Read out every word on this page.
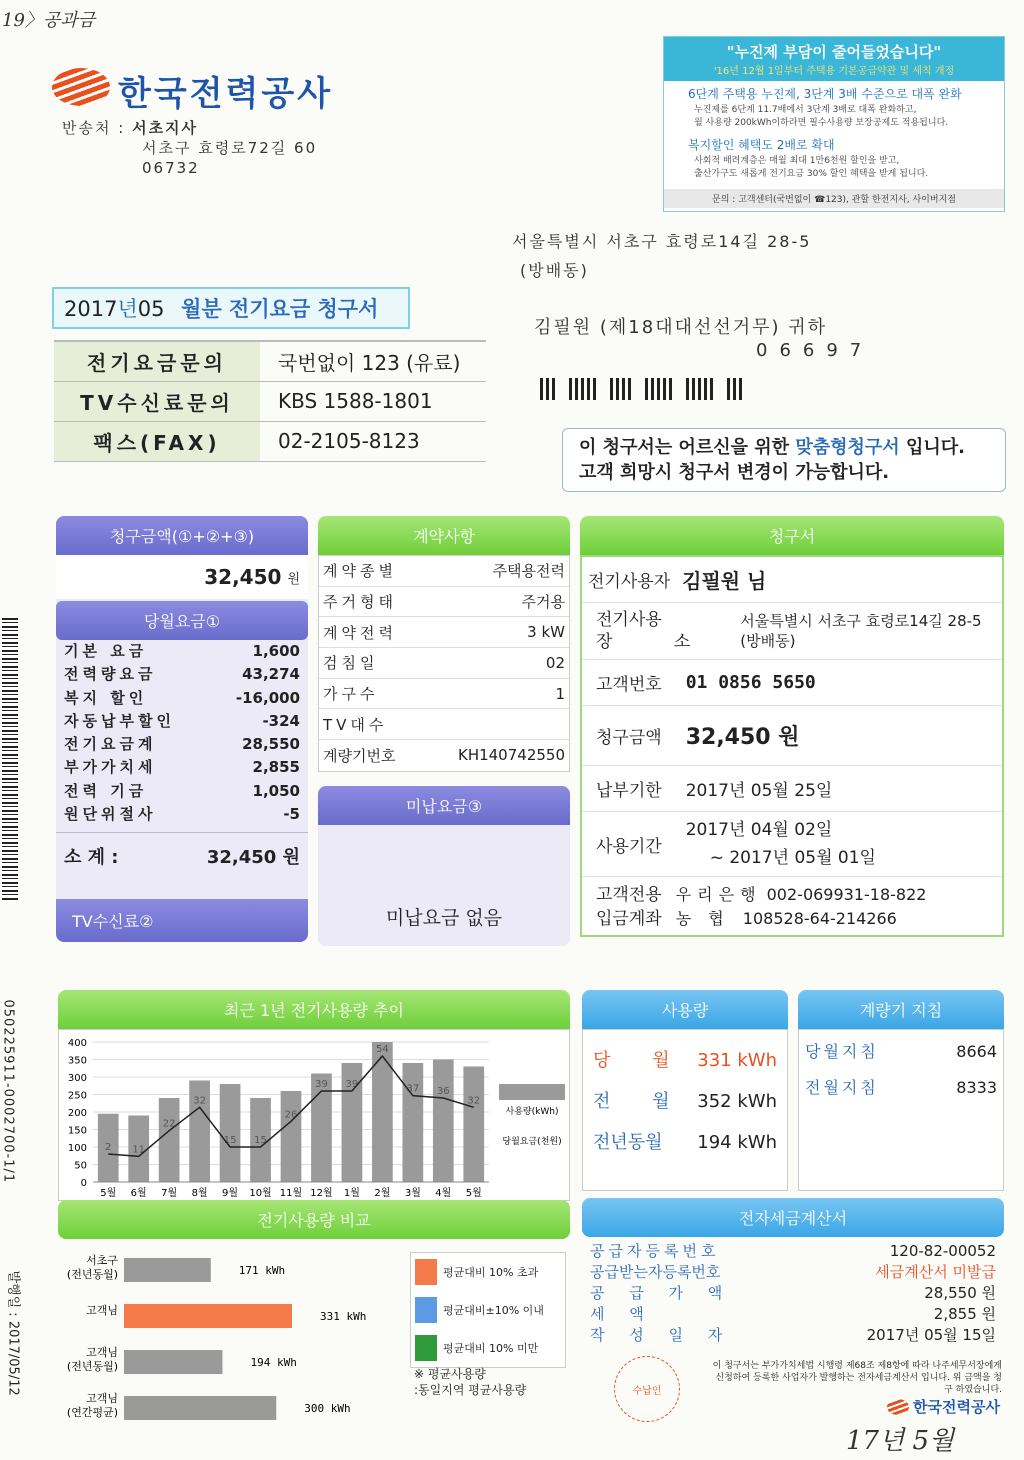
19〉공과금
한국전력공사
반송처 : 서초지사
서초구 효령로72길 60
06732
"누진제 부담이 줄어들었습니다"
'16년 12월 1일부터 주택용 기본공급약관 및 세칙 개정
6단계 주택용 누진제, 3단계 3배 수준으로 대폭 완화
누진제를 6단계 11.7배에서 3단계 3배로 대폭 완화하고,
월 사용량 200kWh이하라면 필수사용량 보장공제도 적용됩니다.
복지할인 혜택도 2배로 확대
사회적 배려계층은 매월 최대 1만6천원 할인을 받고,
출산가구도 새롭게 전기요금 30% 할인 혜택을 받게 됩니다.
문의 : 고객센터(국번없이 ☎123), 관할 한전지사, 사이버지점
서울특별시 서초구 효령로14길 28-5
(방배동)
김필원 (제18대대선선거무) 귀하
06697
2017년05 월분 전기요금 청구서
전기요금문의	국번없이 123 (유료)
TV수신료문의	KBS 1588-1801
팩스(FAX)	02-2105-8123	이 청구서는 어르신을 위한 맞춤형청구서 입니다.
고객 희망시 청구서 변경이 가능합니다.
050225911-0002700-1/1
발행일 : 2017/05/12
청구금액(①+②+③)
32,450 원
당월요금①
기본 요금	1,600
전력량요금	43,274
복지 할인	-16,000
자동납부할인	-324
전기요금계	28,550
부가가치세	2,855
전력 기금	1,050
원단위절사	-5
소 계 :	32,450 원
TV수신료②
계약사항
계약종별	주택용전력
주거형태	주거용
계약전력	3 kW
검침일	02
가구수	1
TV대수
계량기번호	KH140742550
미납요금③
미납요금 없음
청구서
전기사용자 김필원 님
전기사용
장 소
서울특별시 서초구 효령로14길 28-5
(방배동)
고객번호 01 0856 5650
청구금액 32,450 원
납부기한 2017년 05월 25일
사용기간
2017년 04월 02일
~ 2017년 05월 01일
고객전용
입금계좌
우리은행 002-069931-18-822
농 협 108528-64-214266
최근 1년 전기사용량 추이
0
50
100
150
200
250
300
350
400
5월
2
6월
11
7월
22
8월
32
9월
15
10월
15
11월
26
12월
39
1월
39
2월
54
3월
37
4월
36
5월
32
사용량(kWh)
당월요금(천원)
사용량
당 월 331 kWh
전 월 352 kWh
전년동월 194 kWh
계량기 지침
당월지침	8664
전월지침	8333
전기사용량 비교
서초구
(전년동월)	171 kWh
고객님	331 kWh
고객님
(전년동월)	194 kWh
고객님
(연간평균)	300 kWh
평균대비 10% 초과
평균대비±10% 이내
평균대비 10% 미만
※ 평균사용량
:동일지역 평균사용량
전자세금계산서
공급자등록번호	120-82-00052
공급받는자등록번호	세금계산서 미발급
공 급 가 액	28,550 원
세 액	2,855 원
작 성 일 자	2017년 05월 15일
수납인
이 청구서는 부가가치세법 시행령 제68조 제8항에 따라 나주세무서장에게 신청하여 등록한 사업자가 발행하는 전자세금계산서 입니다. 위 금액을 청구 하였습니다.
한국전력공사
17년 5월
